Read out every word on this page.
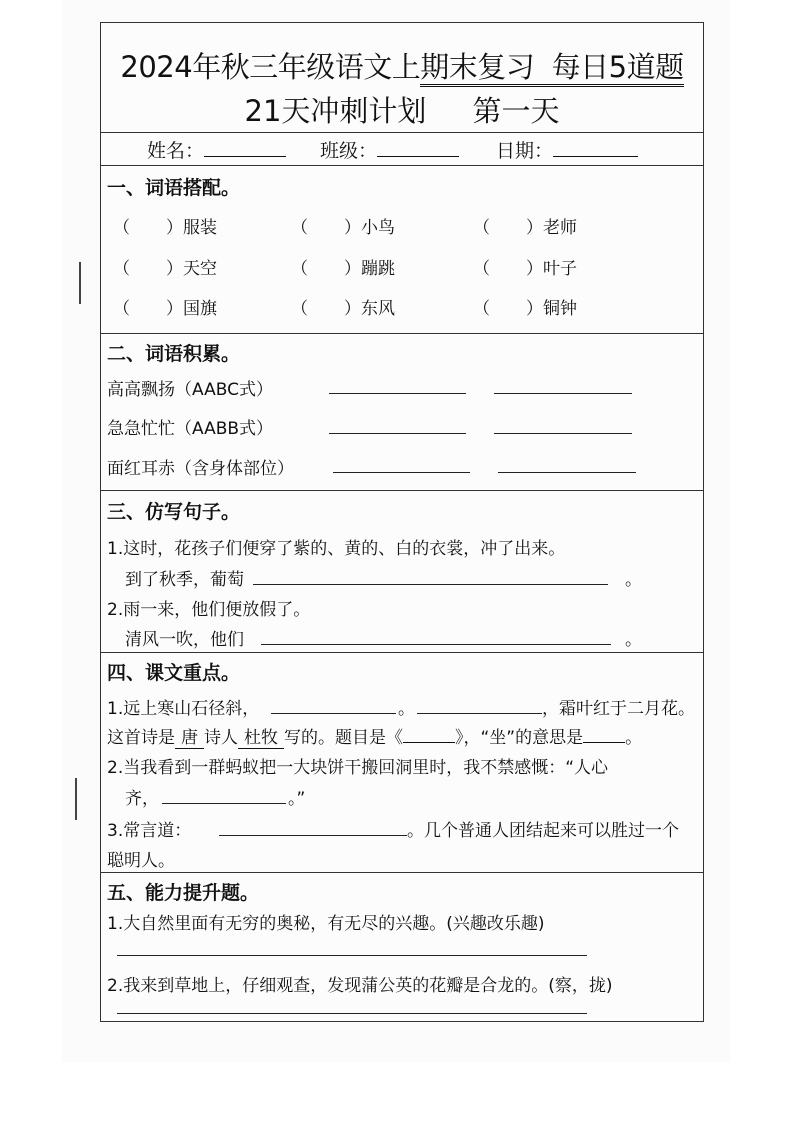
2024年秋三年级语文上期末复习  每日5道题
21天冲刺计划 第一天
姓名：	班级：	日期：
一、词语搭配。
（ ）服装	（ ）小鸟	（ ）老师
（ ）天空	（ ）蹦跳	（ ）叶子
（ ）国旗	（ ）东风	（ ）铜钟
二、词语积累。
高高飘扬（AABC式）
急急忙忙（AABB式）
面红耳赤（含身体部位）
三、仿写句子。
1.这时，花孩子们便穿了紫的、黄的、白的衣裳，冲了出来。
到了秋季，葡萄	。
2.雨一来，他们便放假了。
清风一吹，他们	。
四、课文重点。
1.远上寒山石径斜，	。	，霜叶红于二月花。
这首诗是 唐 诗人 杜牧 写的。题目是《	》，“坐”的意思是 。
2.当我看到一群蚂蚁把一大块饼干搬回洞里时，我不禁感慨：“人心
齐，	。”
3.常言道：	。几个普通人团结起来可以胜过一个
聪明人。
五、能力提升题。
1.大自然里面有无穷的奥秘，有无尽的兴趣。(兴趣改乐趣)
2.我来到草地上，仔细观查，发现蒲公英的花瓣是合龙的。(察，拢)
